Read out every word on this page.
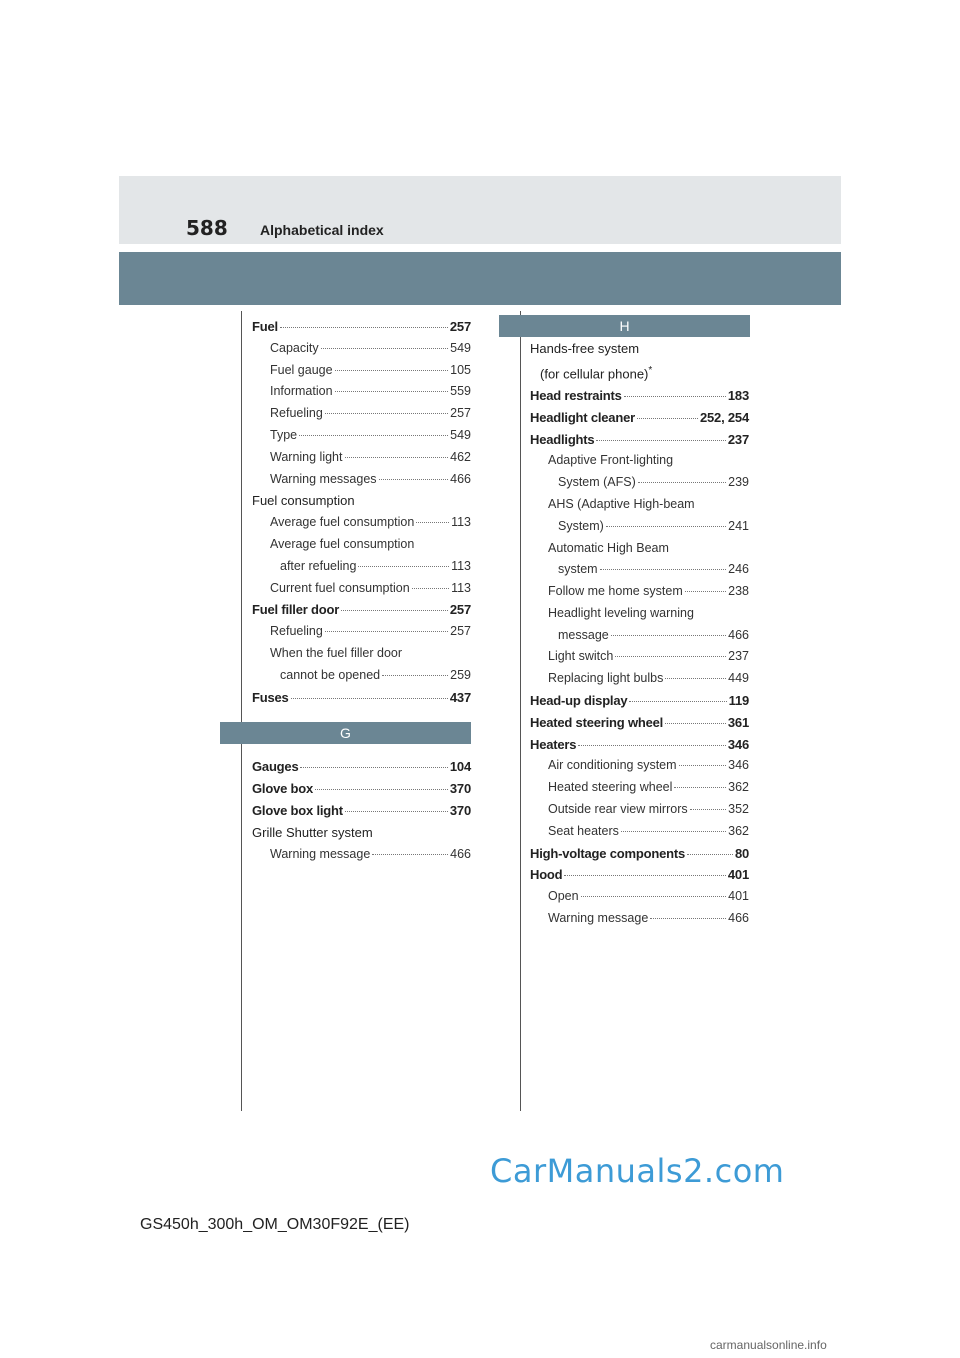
588 Alphabetical index
Fuel	257
Capacity	549
Fuel gauge	105
Information	559
Refueling	257
Type	549
Warning light	462
Warning messages	466
Fuel consumption
Average fuel consumption	113
Average fuel consumption
after refueling	113
Current fuel consumption	113
Fuel filler door	257
Refueling	257
When the fuel filler door
cannot be opened	259
Fuses	437
G
Gauges	104
Glove box	370
Glove box light	370
Grille Shutter system
Warning message	466
H
Hands-free system
(for cellular phone)*
Head restraints	183
Headlight cleaner	252, 254
Headlights	237
Adaptive Front-lighting
System (AFS)	239
AHS (Adaptive High-beam
System)	241
Automatic High Beam
system	246
Follow me home system	238
Headlight leveling warning
message	466
Light switch	237
Replacing light bulbs	449
Head-up display	119
Heated steering wheel	361
Heaters	346
Air conditioning system	346
Heated steering wheel	362
Outside rear view mirrors	352
Seat heaters	362
High-voltage components	80
Hood	401
Open	401
Warning message	466
CarManuals2.com
GS450h_300h_OM_OM30F92E_(EE)
carmanualsonline.info
